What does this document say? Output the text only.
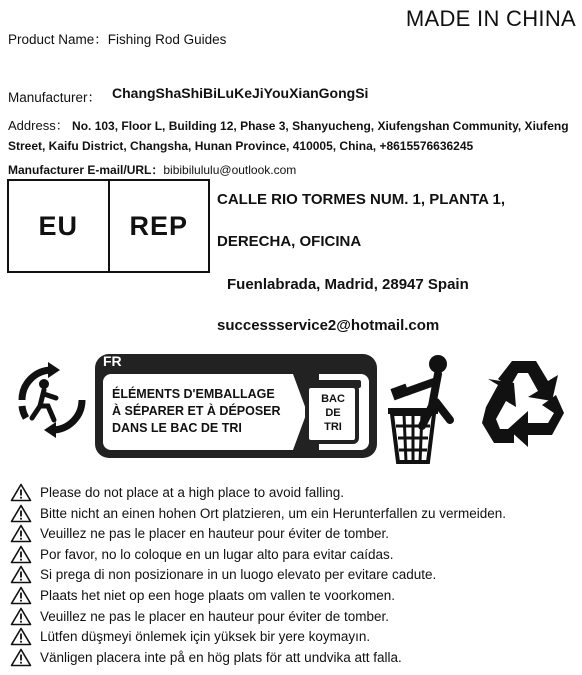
MADE IN CHINA
Product Name：Fishing Rod Guides
Manufacturer： ChangShaShiBiLuKeJiYouXianGongSi
Address： No. 103, Floor L, Building 12, Phase 3, Shanyucheng, Xiufengshan Community, Xiufeng Street, Kaifu District, Changsha, Hunan Province, 410005, China, +8615576636245
Manufacturer E-mail/URL：bibibilululu@outlook.com
EU	REP
CALLE RIO TORMES NUM. 1, PLANTA 1,
DERECHA, OFICINA
Fuenlabrada, Madrid, 28947 Spain
successservice2@hotmail.com
FR
ÉLÉMENTS D'EMBALLAGE
À SÉPARER ET À DÉPOSER
DANS LE BAC DE TRI
BAC
DE
TRI
Please do not place at a high place to avoid falling.
Bitte nicht an einen hohen Ort platzieren, um ein Herunterfallen zu vermeiden.
Veuillez ne pas le placer en hauteur pour éviter de tomber.
Por favor, no lo coloque en un lugar alto para evitar caídas.
Si prega di non posizionare in un luogo elevato per evitare cadute.
Plaats het niet op een hoge plaats om vallen te voorkomen.
Veuillez ne pas le placer en hauteur pour éviter de tomber.
Lütfen düşmeyi önlemek için yüksek bir yere koymayın.
Vänligen placera inte på en hög plats för att undvika att falla.
